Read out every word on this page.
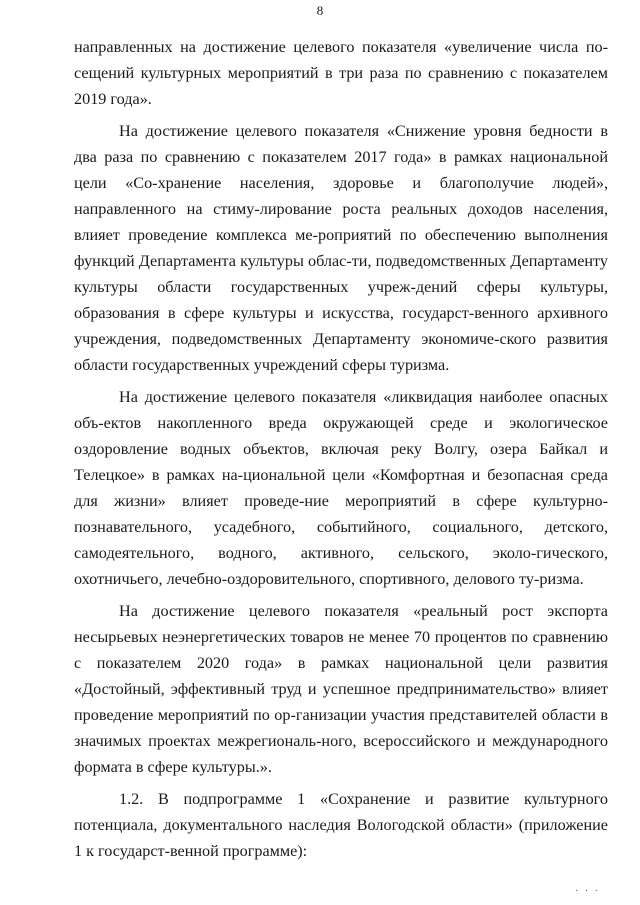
8

направленных на достижение целевого показателя «увеличение числа по-сещений культурных мероприятий в три раза по сравнению с показателем 2019 года».

На достижение целевого показателя «Снижение уровня бедности в два раза по сравнению с показателем 2017 года» в рамках национальной цели «Со-хранение населения, здоровье и благополучие людей», направленного на стиму-лирование роста реальных доходов населения, влияет проведение комплекса ме-роприятий по обеспечению выполнения функций Департамента культуры облас-ти, подведомственных Департаменту культуры области государственных учреж-дений сферы культуры, образования в сфере культуры и искусства, государст-венного архивного учреждения, подведомственных Департаменту экономиче-ского развития области государственных учреждений сферы туризма.

На достижение целевого показателя «ликвидация наиболее опасных объ-ектов накопленного вреда окружающей среде и экологическое оздоровление водных объектов, включая реку Волгу, озера Байкал и Телецкое» в рамках на-циональной цели «Комфортная и безопасная среда для жизни» влияет проведе-ние мероприятий в сфере культурно-познавательного, усадебного, событийного, социального, детского, самодеятельного, водного, активного, сельского, эколо-гического, охотничьего, лечебно-оздоровительного, спортивного, делового ту-ризма.

На достижение целевого показателя «реальный рост экспорта несырьевых неэнергетических товаров не менее 70 процентов по сравнению с показателем 2020 года» в рамках национальной цели развития «Достойный, эффективный труд и успешное предпринимательство» влияет проведение мероприятий по ор-ганизации участия представителей области в значимых проектах межрегиональ-ного, всероссийского и международного формата в сфере культуры.».

1.2. В подпрограмме 1 «Сохранение и развитие культурного потенциала, документального наследия Вологодской области» (приложение 1 к государст-венной программе):

· · ·
